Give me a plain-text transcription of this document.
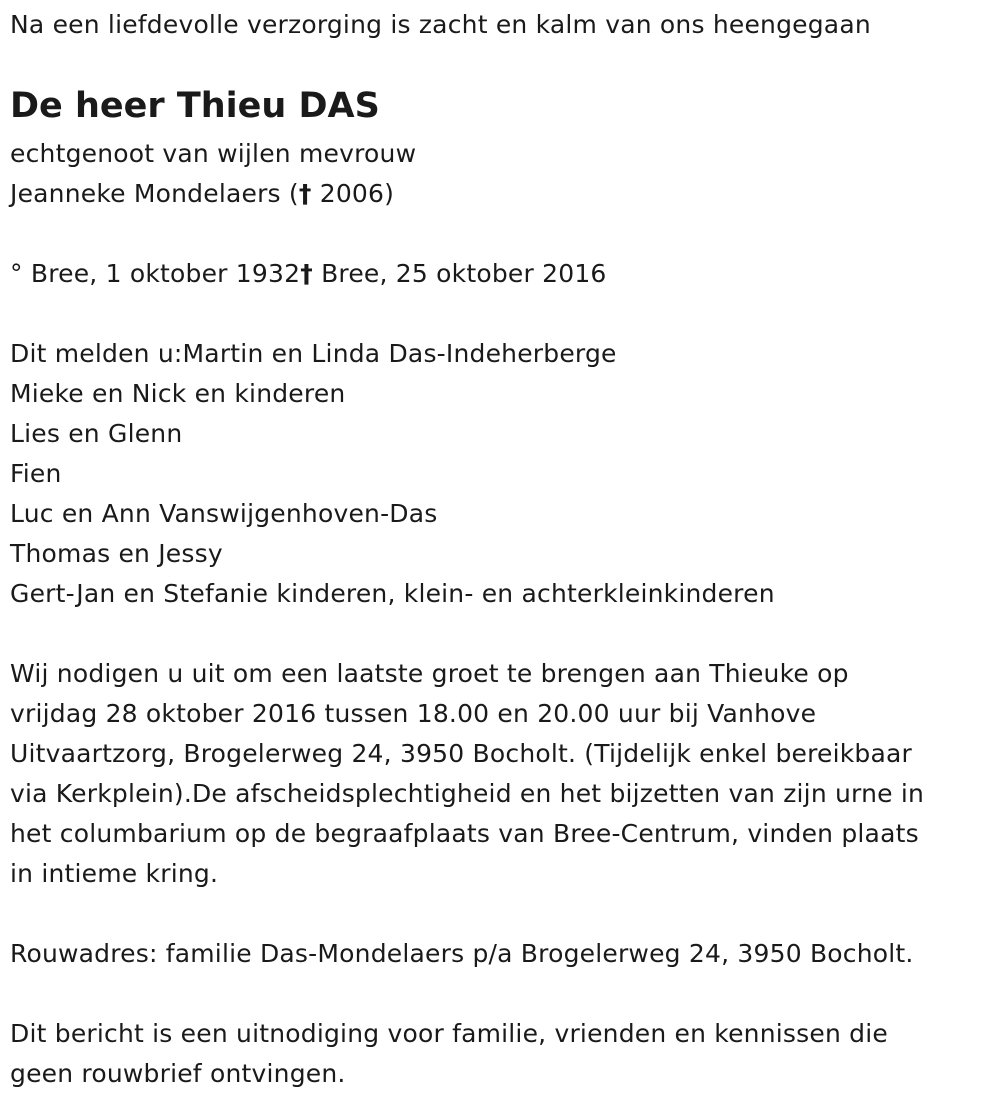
Na een liefdevolle verzorging is zacht en kalm van ons heengegaan
De heer Thieu DAS
echtgenoot van wijlen mevrouw
Jeanneke Mondelaers († 2006)
° Bree, 1 oktober 1932† Bree, 25 oktober 2016
Dit melden u:Martin en Linda Das-Indeherberge
Mieke en Nick en kinderen
Lies en Glenn
Fien
Luc en Ann Vanswijgenhoven-Das
Thomas en Jessy
Gert-Jan en Stefanie kinderen, klein- en achterkleinkinderen
Wij nodigen u uit om een laatste groet te brengen aan Thieuke op
vrijdag 28 oktober 2016 tussen 18.00 en 20.00 uur bij Vanhove
Uitvaartzorg, Brogelerweg 24, 3950 Bocholt. (Tijdelijk enkel bereikbaar
via Kerkplein).De afscheidsplechtigheid en het bijzetten van zijn urne in
het columbarium op de begraafplaats van Bree-Centrum, vinden plaats
in intieme kring.
Rouwadres: familie Das-Mondelaers p/a Brogelerweg 24, 3950 Bocholt.
Dit bericht is een uitnodiging voor familie, vrienden en kennissen die
geen rouwbrief ontvingen.
